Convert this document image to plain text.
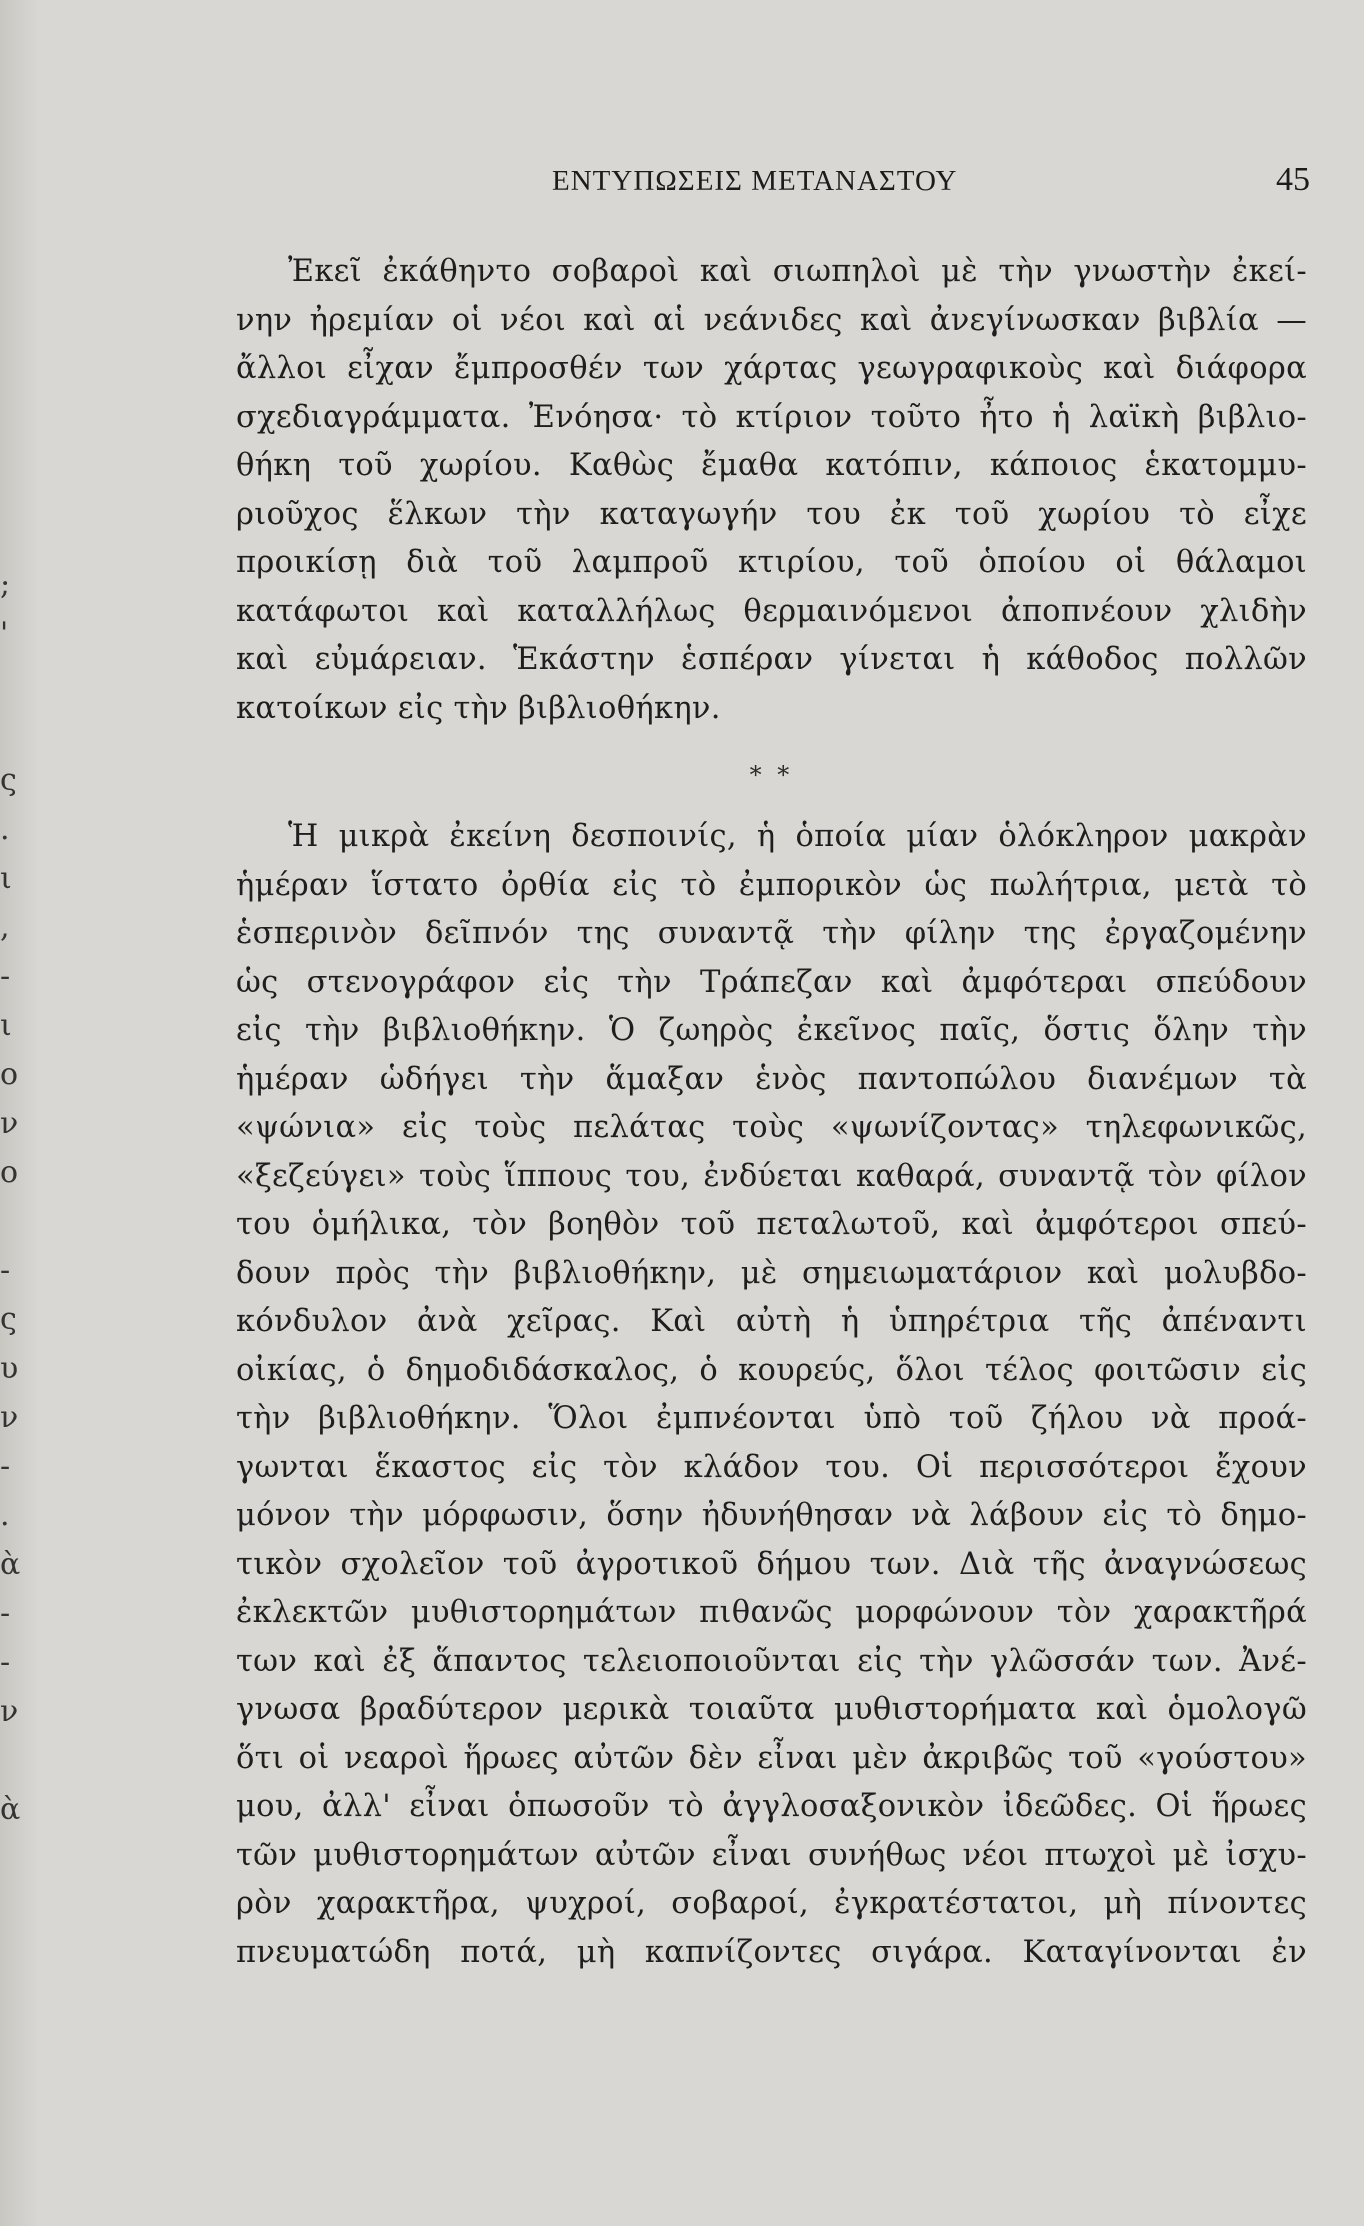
;
'
ς
.
ι
,
-
ι
ο
ν
ο
-
ς
υ
ν
-
.
ὰ
-
-
ν
ὰ
ΕΝΤΥΠΩΣΕΙΣ ΜΕΤΑΝΑΣΤΟΥ	45

Ἐκεῖ ἐκάθηντο σοβαροὶ καὶ σιωπηλοὶ μὲ τὴν γνωστὴν ἐκεί-
νην ἠρεμίαν οἱ νέοι καὶ αἱ νεάνιδες καὶ ἀνεγίνωσκαν βιβλία —
ἄλλοι εἶχαν ἔμπροσθέν των χάρτας γεωγραφικοὺς καὶ διάφορα
σχεδιαγράμματα. Ἐνόησα· τὸ κτίριον τοῦτο ἦτο ἡ λαϊκὴ βιβλιο-
θήκη τοῦ χωρίου. Καθὼς ἔμαθα κατόπιν, κάποιος ἑκατομμυ-
ριοῦχος ἕλκων τὴν καταγωγήν του ἐκ τοῦ χωρίου τὸ εἶχε
προικίσῃ διὰ τοῦ λαμπροῦ κτιρίου, τοῦ ὁποίου οἱ θάλαμοι
κατάφωτοι καὶ καταλλήλως θερμαινόμενοι ἀποπνέουν χλιδὴν
καὶ εὐμάρειαν. Ἑκάστην ἑσπέραν γίνεται ἡ κάθοδος πολλῶν
κατοίκων εἰς τὴν βιβλιοθήκην.

* *

Ἡ μικρὰ ἐκείνη δεσποινίς, ἡ ὁποία μίαν ὁλόκληρον μακρὰν
ἡμέραν ἵστατο ὀρθία εἰς τὸ ἐμπορικὸν ὡς πωλήτρια, μετὰ τὸ
ἑσπερινὸν δεῖπνόν της συναντᾷ τὴν φίλην της ἐργαζομένην
ὡς στενογράφον εἰς τὴν Τράπεζαν καὶ ἀμφότεραι σπεύδουν
εἰς τὴν βιβλιοθήκην. Ὁ ζωηρὸς ἐκεῖνος παῖς, ὅστις ὅλην τὴν
ἡμέραν ὡδήγει τὴν ἅμαξαν ἑνὸς παντοπώλου διανέμων τὰ
«ψώνια» εἰς τοὺς πελάτας τοὺς «ψωνίζοντας» τηλεφωνικῶς,
«ξεζεύγει» τοὺς ἵππους του, ἐνδύεται καθαρά, συναντᾷ τὸν φίλον
του ὁμήλικα, τὸν βοηθὸν τοῦ πεταλωτοῦ, καὶ ἀμφότεροι σπεύ-
δουν πρὸς τὴν βιβλιοθήκην, μὲ σημειωματάριον καὶ μολυβδο-
κόνδυλον ἀνὰ χεῖρας. Καὶ αὐτὴ ἡ ὑπηρέτρια τῆς ἀπέναντι
οἰκίας, ὁ δημοδιδάσκαλος, ὁ κουρεύς, ὅλοι τέλος φοιτῶσιν εἰς
τὴν βιβλιοθήκην. Ὅλοι ἐμπνέονται ὑπὸ τοῦ ζήλου νὰ προά-
γωνται ἕκαστος εἰς τὸν κλάδον του. Οἱ περισσότεροι ἔχουν
μόνον τὴν μόρφωσιν, ὅσην ἠδυνήθησαν νὰ λάβουν εἰς τὸ δημο-
τικὸν σχολεῖον τοῦ ἀγροτικοῦ δήμου των. Διὰ τῆς ἀναγνώσεως
ἐκλεκτῶν μυθιστορημάτων πιθανῶς μορφώνουν τὸν χαρακτῆρά
των καὶ ἐξ ἅπαντος τελειοποιοῦνται εἰς τὴν γλῶσσάν των. Ἀνέ-
γνωσα βραδύτερον μερικὰ τοιαῦτα μυθιστορήματα καὶ ὁμολογῶ
ὅτι οἱ νεαροὶ ἥρωες αὐτῶν δὲν εἶναι μὲν ἀκριβῶς τοῦ «γούστου»
μου, ἀλλ' εἶναι ὁπωσοῦν τὸ ἀγγλοσαξονικὸν ἰδεῶδες. Οἱ ἥρωες
τῶν μυθιστορημάτων αὐτῶν εἶναι συνήθως νέοι πτωχοὶ μὲ ἰσχυ-
ρὸν χαρακτῆρα, ψυχροί, σοβαροί, ἐγκρατέστατοι, μὴ πίνοντες
πνευματώδη ποτά, μὴ καπνίζοντες σιγάρα. Καταγίνονται ἐν
